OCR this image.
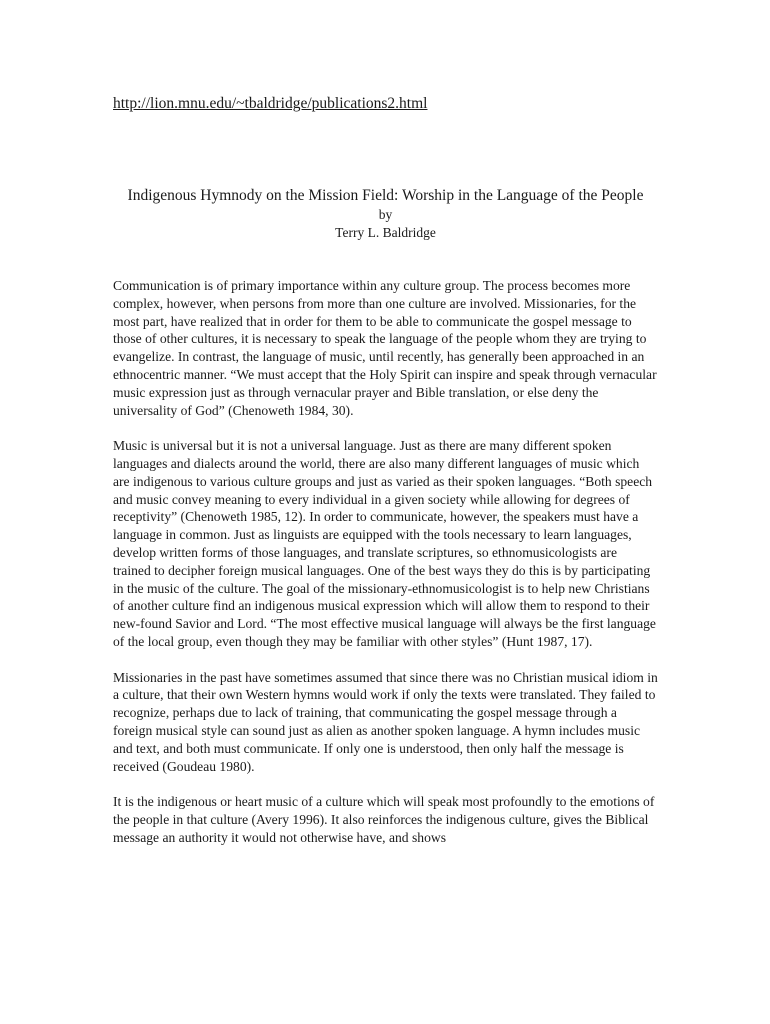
http://lion.mnu.edu/~tbaldridge/publications2.html
Indigenous Hymnody on the Mission Field: Worship in the Language of the People
by
Terry L. Baldridge

Communication is of primary importance within any culture group. The process becomes more complex, however, when persons from more than one culture are involved. Missionaries, for the most part, have realized that in order for them to be able to communicate the gospel message to those of other cultures, it is necessary to speak the language of the people whom they are trying to evangelize. In contrast, the language of music, until recently, has generally been approached in an ethnocentric manner. “We must accept that the Holy Spirit can inspire and speak through vernacular music expression just as through vernacular prayer and Bible translation, or else deny the universality of God” (Chenoweth 1984, 30).

Music is universal but it is not a universal language. Just as there are many different spoken languages and dialects around the world, there are also many different languages of music which are indigenous to various culture groups and just as varied as their spoken languages. “Both speech and music convey meaning to every individual in a given society while allowing for degrees of receptivity” (Chenoweth 1985, 12). In order to communicate, however, the speakers must have a language in common. Just as linguists are equipped with the tools necessary to learn languages, develop written forms of those languages, and translate scriptures, so ethnomusicologists are trained to decipher foreign musical languages. One of the best ways they do this is by participating in the music of the culture. The goal of the missionary-ethnomusicologist is to help new Christians of another culture find an indigenous musical expression which will allow them to respond to their new-found Savior and Lord. “The most effective musical language will always be the first language of the local group, even though they may be familiar with other styles” (Hunt 1987, 17).

Missionaries in the past have sometimes assumed that since there was no Christian musical idiom in a culture, that their own Western hymns would work if only the texts were translated. They failed to recognize, perhaps due to lack of training, that communicating the gospel message through a foreign musical style can sound just as alien as another spoken language. A hymn includes music and text, and both must communicate. If only one is understood, then only half the message is received (Goudeau 1980).

It is the indigenous or heart music of a culture which will speak most profoundly to the emotions of the people in that culture (Avery 1996). It also reinforces the indigenous culture, gives the Biblical message an authority it would not otherwise have, and shows
